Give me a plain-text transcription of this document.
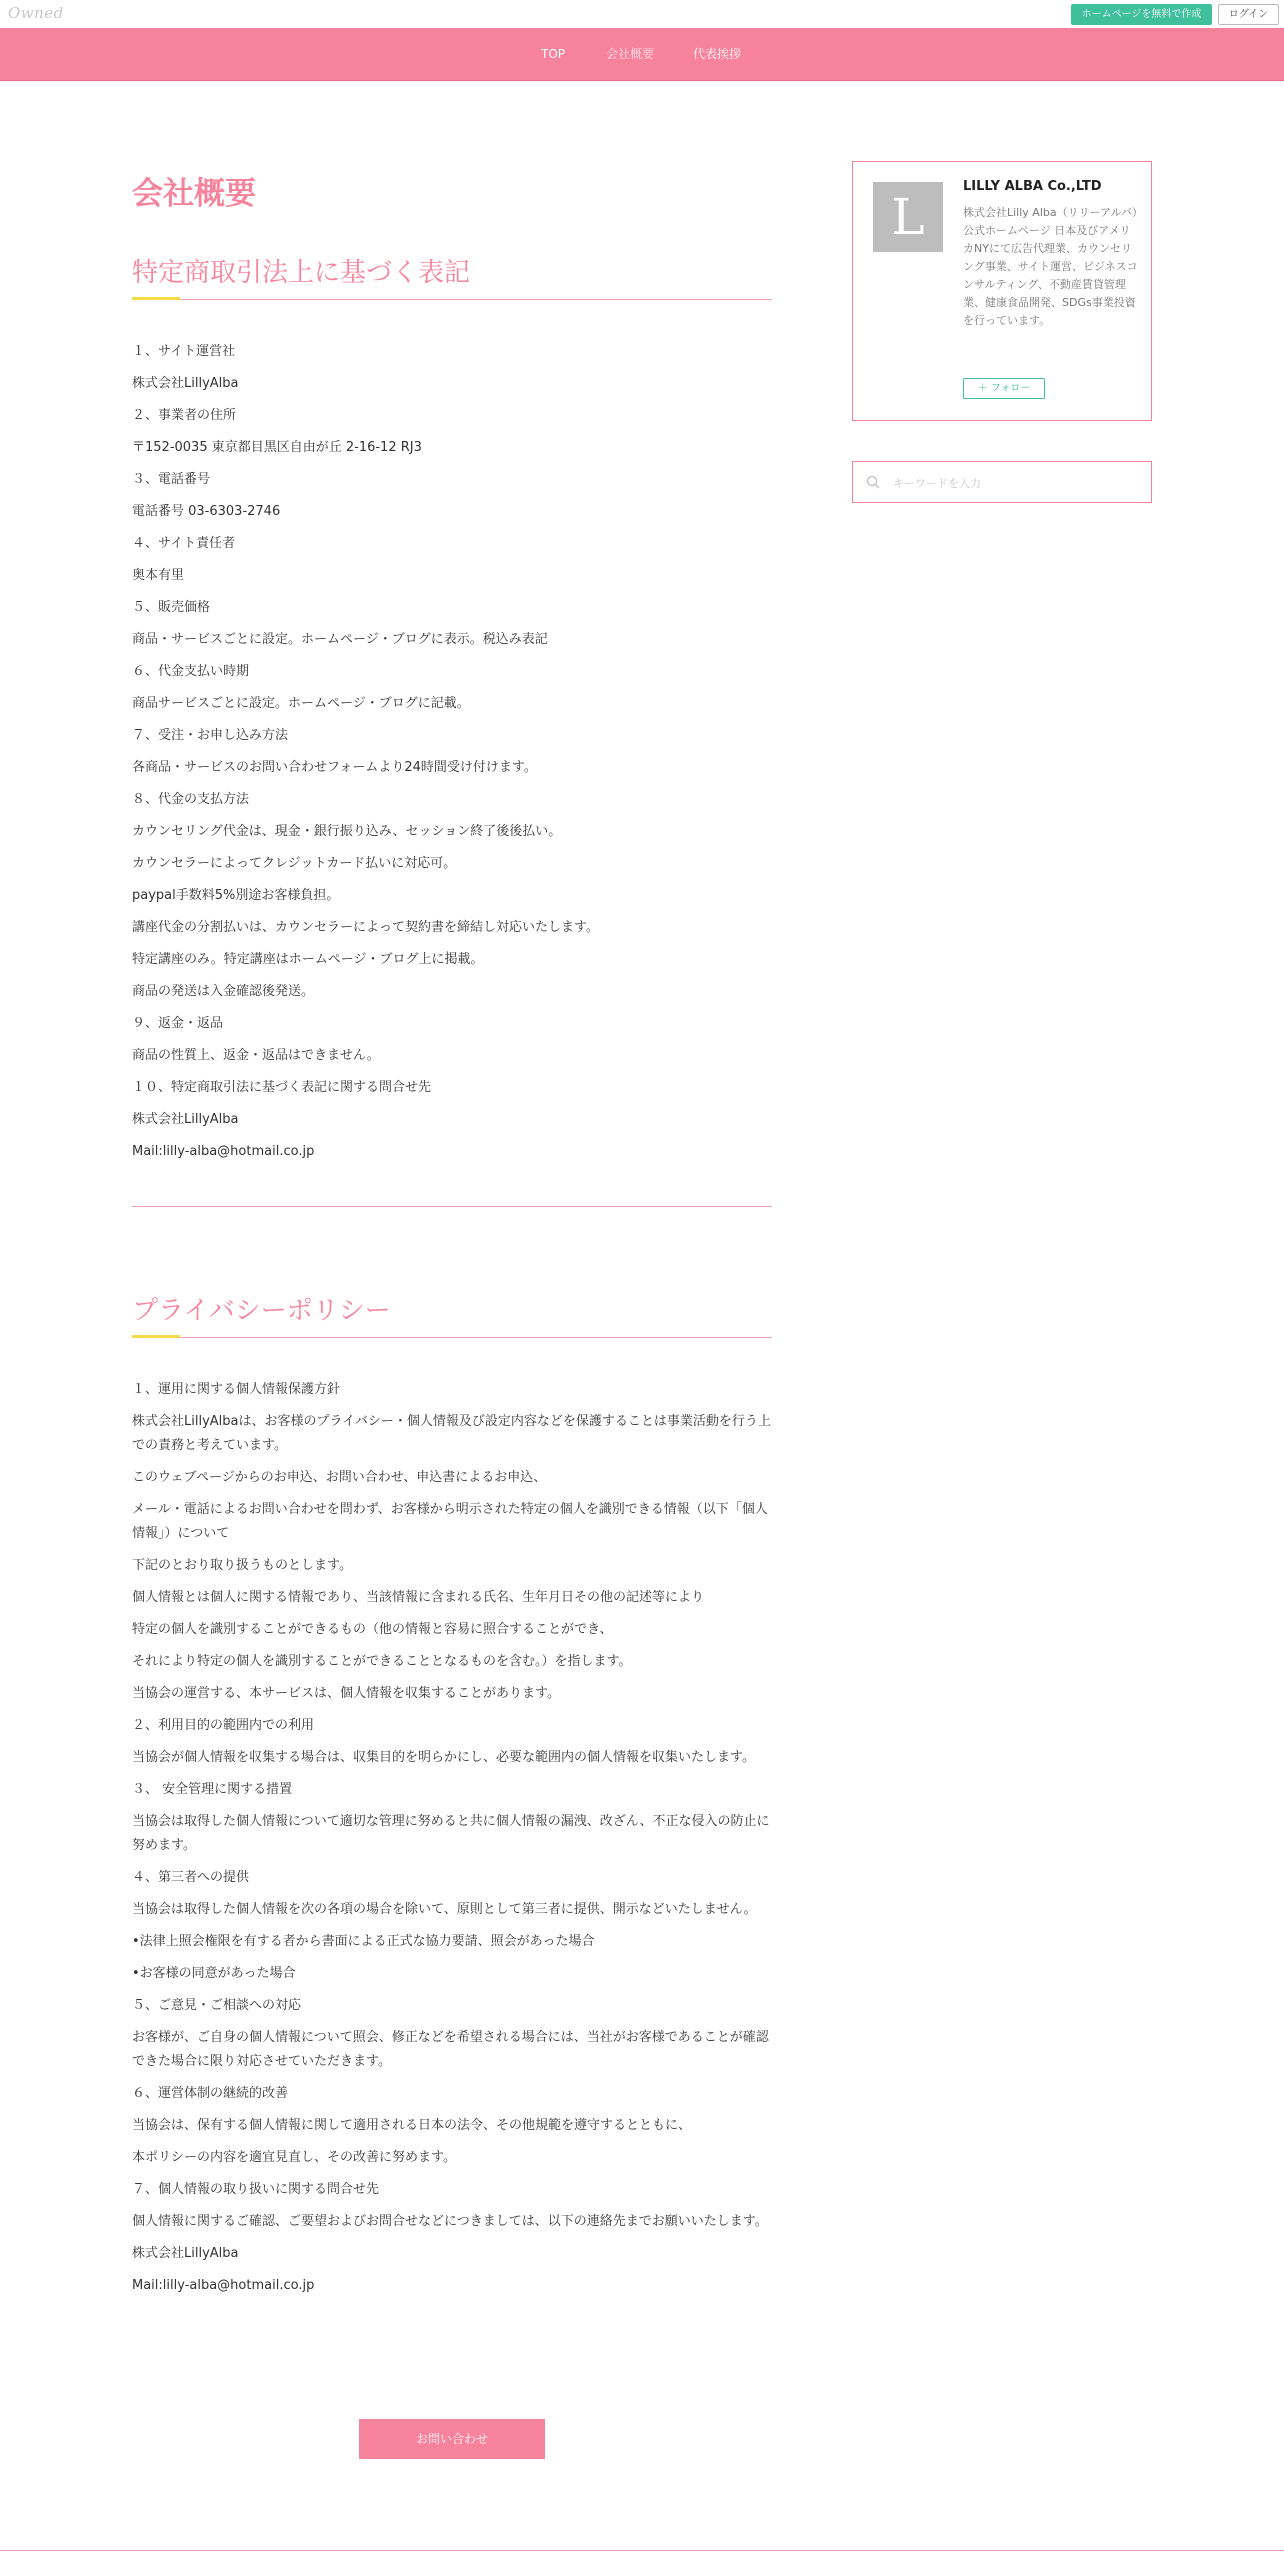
Owned	ホームページを無料で作成	ログイン
TOP	会社概要	代表挨拶
会社概要
特定商取引法上に基づく表記

１、サイト運営社

株式会社LillyAlba

２、事業者の住所

〒152-0035 東京都目黒区自由が丘 2-16-12 RJ3

３、電話番号

電話番号 03-6303-2746

４、サイト責任者

奥本有里

５、販売価格

商品・サービスごとに設定。ホームページ・ブログに表示。税込み表記

６、代金支払い時期

商品サービスごとに設定。ホームページ・ブログに記載。

７、受注・お申し込み方法

各商品・サービスのお問い合わせフォームより24時間受け付けます。

８、代金の支払方法

カウンセリング代金は、現金・銀行振り込み、セッション終了後後払い。

カウンセラーによってクレジットカード払いに対応可。

paypal手数料5%別途お客様負担。

講座代金の分割払いは、カウンセラーによって契約書を締結し対応いたします。

特定講座のみ。特定講座はホームページ・ブログ上に掲載。

商品の発送は入金確認後発送。

９、返金・返品

商品の性質上、返金・返品はできません。

１０、特定商取引法に基づく表記に関する問合せ先

株式会社LillyAlba

Mail:lilly-alba@hotmail.co.jp

プライバシーポリシー

１、運用に関する個人情報保護方針

株式会社LillyAlbaは、お客様のプライバシー・個人情報及び設定内容などを保護することは事業活動を行う上での責務と考えています。

このウェブページからのお申込、お問い合わせ、申込書によるお申込、

メール・電話によるお問い合わせを問わず、お客様から明示された特定の個人を識別できる情報（以下「個人情報」）について

下記のとおり取り扱うものとします。

個人情報とは個人に関する情報であり、当該情報に含まれる氏名、生年月日その他の記述等により

特定の個人を識別することができるもの（他の情報と容易に照合することができ、

それにより特定の個人を識別することができることとなるものを含む。）を指します。

当協会の運営する、本サービスは、個人情報を収集することがあります。

２、利用目的の範囲内での利用

当協会が個人情報を収集する場合は、収集目的を明らかにし、必要な範囲内の個人情報を収集いたします。

３、 安全管理に関する措置

当協会は取得した個人情報について適切な管理に努めると共に個人情報の漏洩、改ざん、不正な侵入の防止に努めます。

４、第三者への提供

当協会は取得した個人情報を次の各項の場合を除いて、原則として第三者に提供、開示などいたしません。

•法律上照会権限を有する者から書面による正式な協力要請、照会があった場合

•お客様の同意があった場合

５、ご意見・ご相談への対応

お客様が、ご自身の個人情報について照会、修正などを希望される場合には、当社がお客様であることが確認できた場合に限り対応させていただきます。

６、運営体制の継続的改善

当協会は、保有する個人情報に関して適用される日本の法令、その他規範を遵守するとともに、

本ポリシーの内容を適宜見直し、その改善に努めます。

７、個人情報の取り扱いに関する問合せ先

個人情報に関するご確認、ご要望およびお問合せなどにつきましては、以下の連絡先までお願いいたします。

株式会社LillyAlba

Mail:lilly-alba@hotmail.co.jp

お問い合わせ
L
LILLY ALBA Co.,LTD
株式会社Lilly Alba（リリーアルバ）公式ホームページ 日本及びアメリカNYにて広告代理業、カウンセリング事業、サイト運営、ビジネスコンサルティング、不動産賃貸管理業、健康食品開発、SDGs事業投資を行っています。
＋ フォロー
キーワードを入力
